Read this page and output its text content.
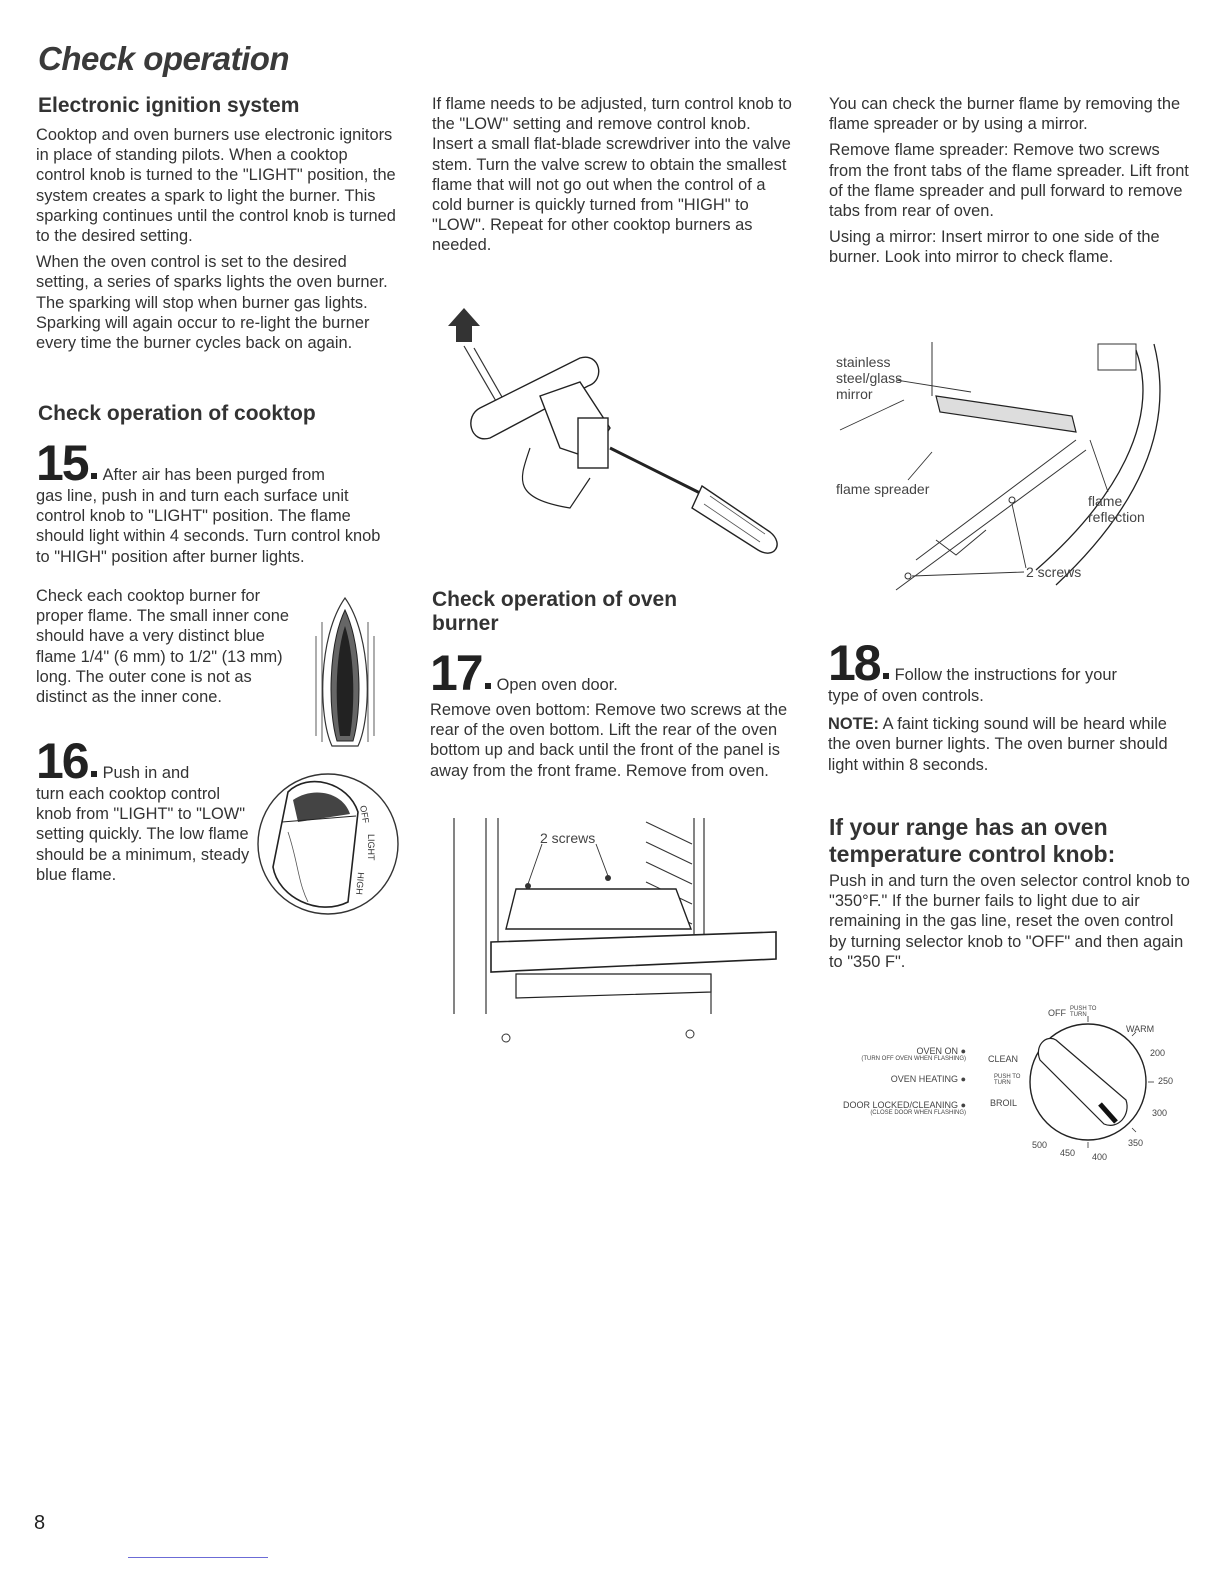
Check operation
Electronic ignition system

Cooktop and oven burners use electronic ignitors in place of standing pilots. When a cooktop control knob is turned to the "LIGHT" position, the system creates a spark to light the burner. This sparking continues until the control knob is turned to the desired setting.

When the oven control is set to the desired setting, a series of sparks lights the oven burner. The sparking will stop when burner gas lights. Sparking will again occur to re-light the burner every time the burner cycles back on again.

Check operation of cooktop
15 After air has been purged from
gas line, push in and turn each surface unit control knob to "LIGHT" position. The flame should light within 4 seconds. Turn control knob to "HIGH" position after burner lights.
Check each cooktop burner for proper flame. The small inner cone should have a very distinct blue flame 1/4" (6 mm) to 1/2" (13 mm) long. The outer cone is not as distinct as the inner cone.
16 Push in and
turn each cooktop control knob from "LIGHT" to "LOW" setting quickly. The low flame should be a minimum, steady blue flame.
OFF
LIGHT
HIGH
If flame needs to be adjusted, turn control knob to the "LOW" setting and remove control knob. Insert a small flat-blade screwdriver into the valve stem. Turn the valve screw to obtain the smallest flame that will not go out when the control of a cold burner is quickly turned from "HIGH" to "LOW". Repeat for other cooktop burners as needed.
Check operation of oven burner
17 Open oven door.
Remove oven bottom: Remove two screws at the rear of the oven bottom. Lift the rear of the oven bottom up and back until the front of the panel is away from the front frame. Remove from oven.
2 screws

You can check the burner flame by removing the flame spreader or by using a mirror.

Remove flame spreader: Remove two screws from the front tabs of the flame spreader. Lift front of the flame spreader and pull forward to remove tabs from rear of oven.

Using a mirror: Insert mirror to one side of the burner. Look into mirror to check flame.

stainless
steel/glass
mirror
flame spreader
flame
reflection
2 screws
18 Follow the instructions for your
type of oven controls.
NOTE: A faint ticking sound will be heard while the oven burner lights. The oven burner should light within 8 seconds.
If your range has an oven temperature control knob:
Push in and turn the oven selector control knob to "350°F." If the burner fails to light due to air remaining in the gas line, reset the oven control by turning selector knob to "OFF" and then again to "350 F".
OFF PUSH TO TURN
WARM
200
250
300
350
400
450
500
CLEAN
PUSH TO TURN
BROIL
OVEN ON ●
(TURN OFF OVEN WHEN FLASHING)
OVEN HEATING ●
DOOR LOCKED/CLEANING ●
(CLOSE DOOR WHEN FLASHING)
8
